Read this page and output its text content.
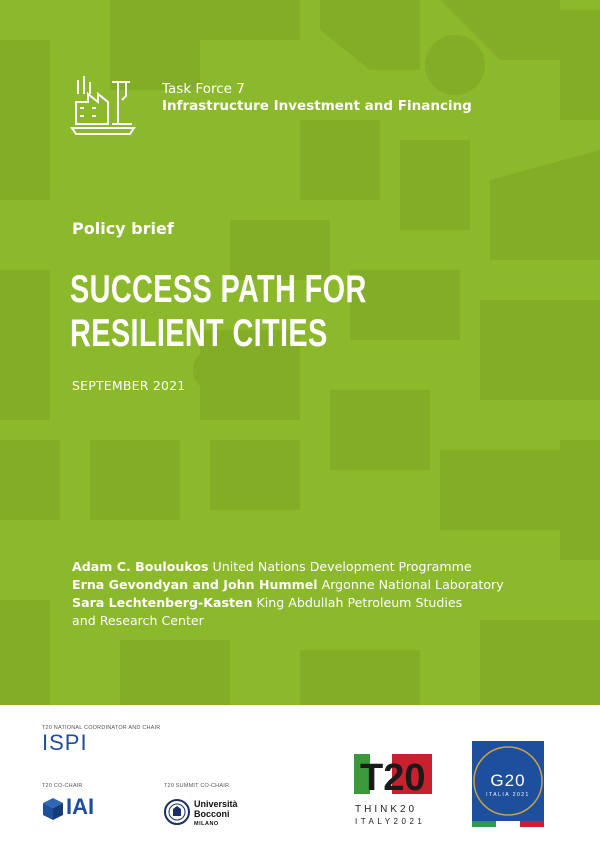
Task Force 7
Infrastructure Investment and Financing
Policy brief
SUCCESS PATH FOR
RESILIENT CITIES
SEPTEMBER 2021
Adam C. Bouloukos United Nations Development Programme
Erna Gevondyan and John Hummel Argonne National Laboratory
Sara Lechtenberg-Kasten King Abdullah Petroleum Studies
and Research Center
T20 NATIONAL COORDINATOR AND CHAIR
ISPI
T20 CO-CHAIR
IAI
T20 SUMMIT CO-CHAIR
Università
Bocconi
MILANO
T20
THINK20
ITALY2021
G20
ITALIA 2021
